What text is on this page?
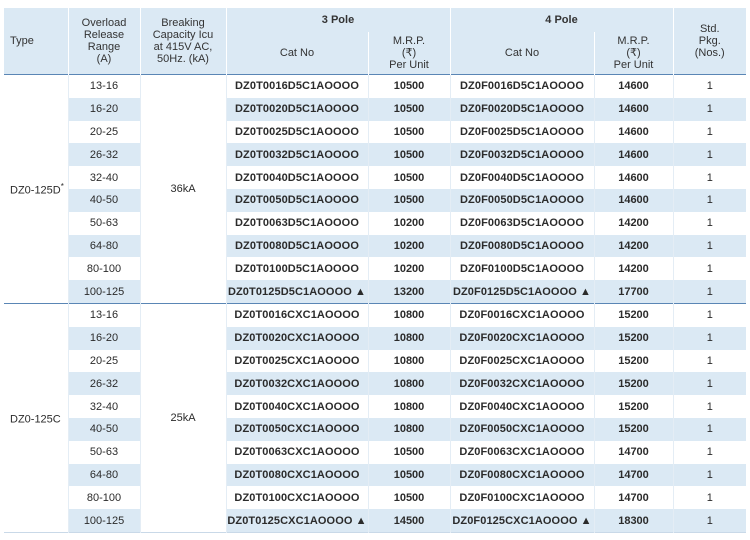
Type	Overload
Release
Range
(A)	Breaking
Capacity Icu
at 415V AC,
50Hz. (kA)	3 Pole		4 Pole		Std.
Pkg.
(Nos.)
			Cat No	M.R.P.
(₹)
Per Unit	Cat No	M.R.P.
(₹)
Per Unit	
DZ0-125D*	13-16	36kA	DZ0T0016D5C1AOOOO	10500	DZ0F0016D5C1AOOOO	14600	1
	16-20		DZ0T0020D5C1AOOOO	10500	DZ0F0020D5C1AOOOO	14600	1
	20-25		DZ0T0025D5C1AOOOO	10500	DZ0F0025D5C1AOOOO	14600	1
	26-32		DZ0T0032D5C1AOOOO	10500	DZ0F0032D5C1AOOOO	14600	1
	32-40		DZ0T0040D5C1AOOOO	10500	DZ0F0040D5C1AOOOO	14600	1
	40-50		DZ0T0050D5C1AOOOO	10500	DZ0F0050D5C1AOOOO	14600	1
	50-63		DZ0T0063D5C1AOOOO	10200	DZ0F0063D5C1AOOOO	14200	1
	64-80		DZ0T0080D5C1AOOOO	10200	DZ0F0080D5C1AOOOO	14200	1
	80-100		DZ0T0100D5C1AOOOO	10200	DZ0F0100D5C1AOOOO	14200	1
	100-125		DZ0T0125D5C1AOOOO ▲	13200	DZ0F0125D5C1AOOOO ▲	17700	1
DZ0-125C	13-16	25kA	DZ0T0016CXC1AOOOO	10800	DZ0F0016CXC1AOOOO	15200	1
	16-20		DZ0T0020CXC1AOOOO	10800	DZ0F0020CXC1AOOOO	15200	1
	20-25		DZ0T0025CXC1AOOOO	10800	DZ0F0025CXC1AOOOO	15200	1
	26-32		DZ0T0032CXC1AOOOO	10800	DZ0F0032CXC1AOOOO	15200	1
	32-40		DZ0T0040CXC1AOOOO	10800	DZ0F0040CXC1AOOOO	15200	1
	40-50		DZ0T0050CXC1AOOOO	10800	DZ0F0050CXC1AOOOO	15200	1
	50-63		DZ0T0063CXC1AOOOO	10500	DZ0F0063CXC1AOOOO	14700	1
	64-80		DZ0T0080CXC1AOOOO	10500	DZ0F0080CXC1AOOOO	14700	1
	80-100		DZ0T0100CXC1AOOOO	10500	DZ0F0100CXC1AOOOO	14700	1
	100-125		DZ0T0125CXC1AOOOO ▲	14500	DZ0F0125CXC1AOOOO ▲	18300	1
